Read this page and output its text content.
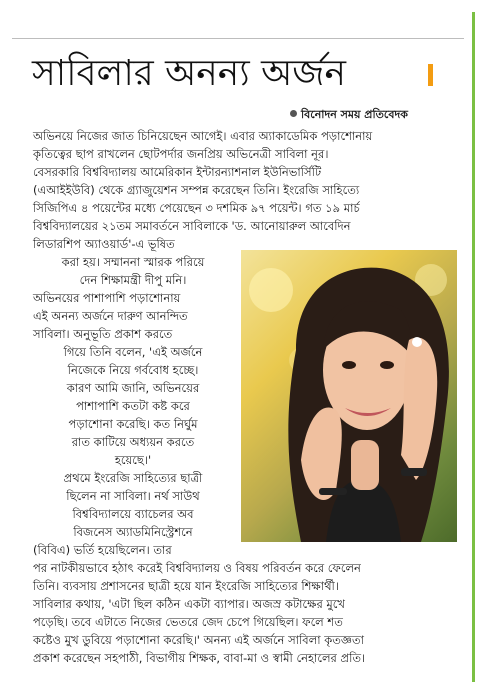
সাবিলার অনন্য অর্জন
বিনোদন সময় প্রতিবেদক
অভিনয়ে নিজের জাত চিনিয়েছেন আগেই। এবার অ্যাকাডেমিক পড়াশোনায়
কৃতিত্বের ছাপ রাখলেন ছোটপর্দার জনপ্রিয় অভিনেত্রী সাবিলা নূর।
বেসরকারি বিশ্ববিদ্যালয় আমেরিকান ইন্টারন্যাশনাল ইউনিভার্সিটি
(এআইইউবি) থেকে গ্র্যাজুয়েশন সম্পন্ন করেছেন তিনি। ইংরেজি সাহিত্যে
সিজিপিএ ৪ পয়েন্টের মধ্যে পেয়েছেন ৩ দশমিক ৯৭ পয়েন্ট। গত ১৯ মার্চ
বিশ্ববিদ্যালয়ের ২১তম সমাবর্তনে সাবিলাকে 'ড. আনোয়ারুল আবেদিন
লিডারশিপ অ্যাওয়ার্ড'-এ ভূষিত
করা হয়। সম্মাননা স্মারক পরিয়ে
দেন শিক্ষামন্ত্রী দীপু মনি।
অভিনয়ের পাশাপাশি পড়াশোনায়
এই অনন্য অর্জনে দারুণ আনন্দিত
সাবিলা। অনুভূতি প্রকাশ করতে
গিয়ে তিনি বলেন, 'এই অর্জনে
নিজেকে নিয়ে গর্ববোধ হচ্ছে।
কারণ আমি জানি, অভিনয়ের
পাশাপাশি কতটা কষ্ট করে
পড়াশোনা করেছি। কত নির্ঘুম
রাত কাটিয়ে অধ্যয়ন করতে
হয়েছে।'
প্রথমে ইংরেজি সাহিত্যের ছাত্রী
ছিলেন না সাবিলা। নর্থ সাউথ
বিশ্ববিদ্যালয়ে ব্যাচেলর অব
বিজনেস অ্যাডমিনিস্ট্রেশনে
(বিবিএ) ভর্তি হয়েছিলেন। তার
পর নাটকীয়ভাবে হঠাৎ করেই বিশ্ববিদ্যালয় ও বিষয় পরিবর্তন করে ফেলেন
তিনি। ব্যবসায় প্রশাসনের ছাত্রী হয়ে যান ইংরেজি সাহিত্যের শিক্ষার্থী।
সাবিলার কথায়, 'এটা ছিল কঠিন একটা ব্যাপার। অজস্র কটাক্ষের মুখে
পড়েছি। তবে এটাতে নিজের ভেতরে জেদ চেপে গিয়েছিল। ফলে শত
কষ্টেও মুখ ডুবিয়ে পড়াশোনা করেছি।' অনন্য এই অর্জনে সাবিলা কৃতজ্ঞতা
প্রকাশ করেছেন সহপাঠী, বিভাগীয় শিক্ষক, বাবা-মা ও স্বামী নেহালের প্রতি।
